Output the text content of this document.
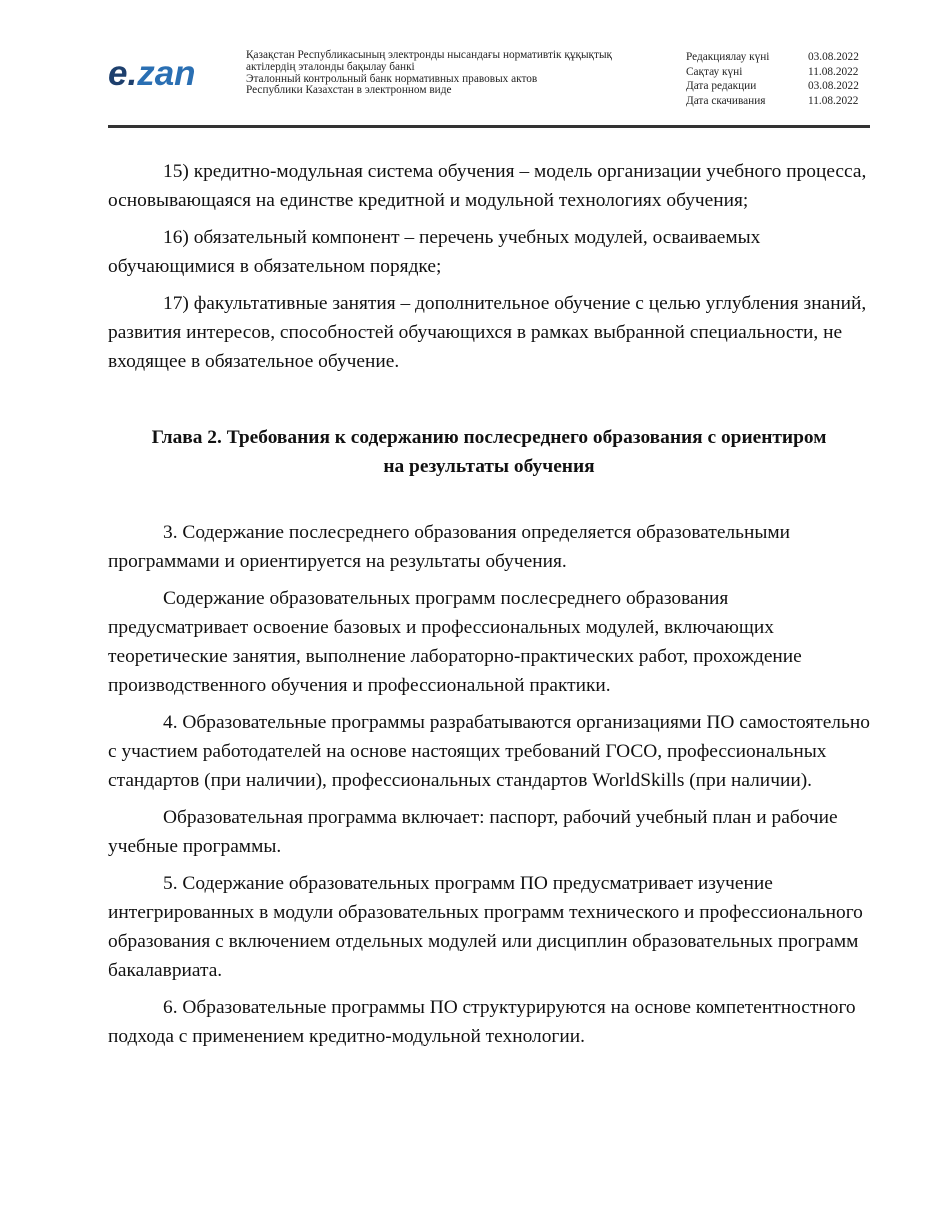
e.zan	Қазақстан Республикасының электронды нысандағы нормативтік құқықтық
актілердің эталонды бақылау банкі
Эталонный контрольный банк нормативных правовых актов
Республики Казахстан в электронном виде
Редакциялау күні	03.08.2022
Сақтау күні	11.08.2022
Дата редакции	03.08.2022
Дата скачивания	11.08.2022

15) кредитно-модульная система обучения – модель организации учебного процесса, основывающаяся на единстве кредитной и модульной технологиях обучения;

16) обязательный компонент – перечень учебных модулей, осваиваемых обучающимися в обязательном порядке;

17) факультативные занятия – дополнительное обучение с целью углубления знаний, развития интересов, способностей обучающихся в рамках выбранной специальности, не входящее в обязательное обучение.

Глава 2. Требования к содержанию послесреднего образования с ориентиром
на результаты обучения

3. Содержание послесреднего образования определяется образовательными программами и ориентируется на результаты обучения.

Содержание образовательных программ послесреднего образования предусматривает освоение базовых и профессиональных модулей, включающих теоретические занятия, выполнение лабораторно-практических работ, прохождение производственного обучения и профессиональной практики.

4. Образовательные программы разрабатываются организациями ПО самостоятельно с участием работодателей на основе настоящих требований ГОСО, профессиональных стандартов (при наличии), профессиональных стандартов WorldSkills (при наличии).

Образовательная программа включает: паспорт, рабочий учебный план и рабочие учебные программы.

5. Содержание образовательных программ ПО предусматривает изучение интегрированных в модули образовательных программ технического и профессионального образования с включением отдельных модулей или дисциплин образовательных программ бакалавриата.

6. Образовательные программы ПО структурируются на основе компетентностного подхода с применением кредитно-модульной технологии.
